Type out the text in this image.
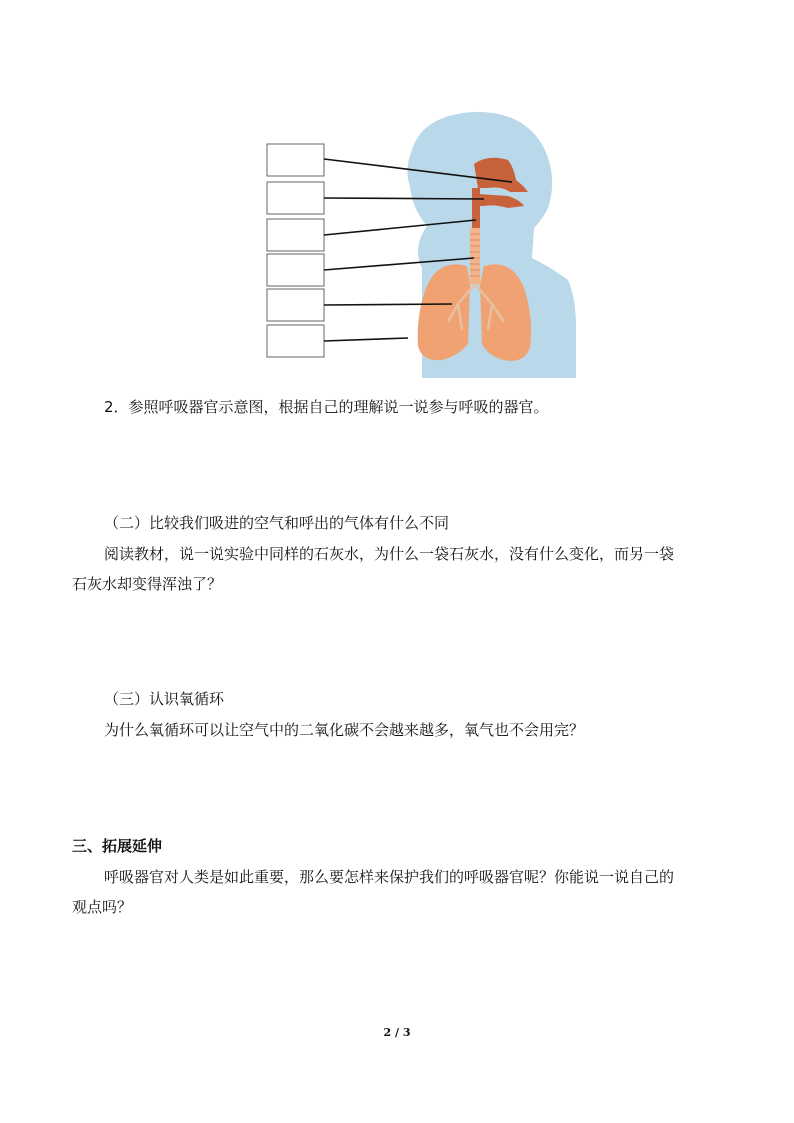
2．参照呼吸器官示意图，根据自己的理解说一说参与呼吸的器官。
（二）比较我们吸进的空气和呼出的气体有什么不同
阅读教材，说一说实验中同样的石灰水，为什么一袋石灰水，没有什么变化，而另一袋
石灰水却变得浑浊了？
（三）认识氧循环
为什么氧循环可以让空气中的二氧化碳不会越来越多，氧气也不会用完？
三、拓展延伸
呼吸器官对人类是如此重要，那么要怎样来保护我们的呼吸器官呢？你能说一说自己的
观点吗？
2 / 3
